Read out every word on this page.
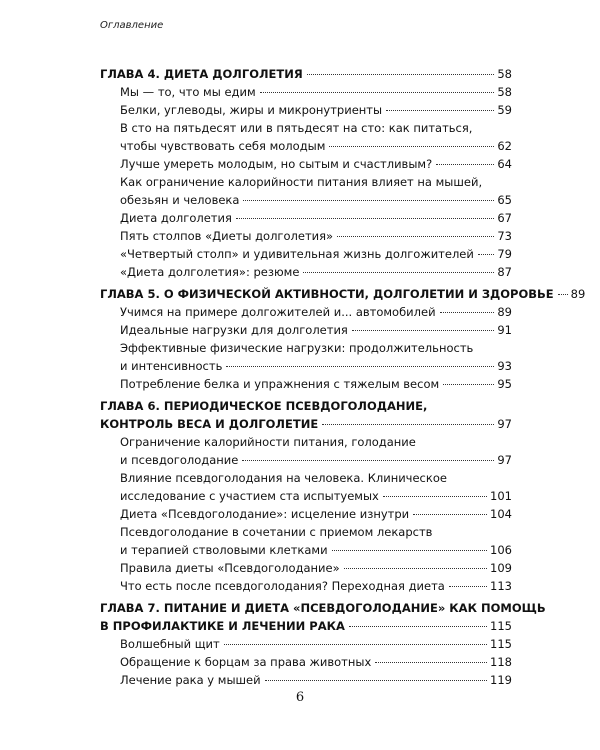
Оглавление
ГЛАВА 4. ДИЕТА ДОЛГОЛЕТИЯ	58
Мы — то, что мы едим	58
Белки, углеводы, жиры и микронутриенты	59
В сто на пятьдесят или в пятьдесят на сто: как питаться,
чтобы чувствовать себя молодым	62
Лучше умереть молодым, но сытым и счастливым?	64
Как ограничение калорийности питания влияет на мышей,
обезьян и человека	65
Диета долголетия	67
Пять столпов «Диеты долголетия»	73
«Четвертый столп» и удивительная жизнь долгожителей 79
«Диета долголетия»: резюме	87
ГЛАВА 5. О ФИЗИЧЕСКОЙ АКТИВНОСТИ, ДОЛГОЛЕТИИ И ЗДОРОВЬЕ 89
Учимся на примере долгожителей и... автомобилей	89
Идеальные нагрузки для долголетия	91
Эффективные физические нагрузки: продолжительность
и интенсивность	93
Потребление белка и упражнения с тяжелым весом	95
ГЛАВА 6. ПЕРИОДИЧЕСКОЕ ПСЕВДОГОЛОДАНИЕ,
КОНТРОЛЬ ВЕСА И ДОЛГОЛЕТИЕ	97
Ограничение калорийности питания, голодание
и псевдоголодание	97
Влияние псевдоголодания на человека. Клиническое
исследование с участием ста испытуемых	101
Диета «Псевдоголодание»: исцеление изнутри	104
Псевдоголодание в сочетании с приемом лекарств
и терапией стволовыми клетками	106
Правила диеты «Псевдоголодание»	109
Что есть после псевдоголодания? Переходная диета	113
ГЛАВА 7. ПИТАНИЕ И ДИЕТА «ПСЕВДОГОЛОДАНИЕ» КАК ПОМОЩЬ
В ПРОФИЛАКТИКЕ И ЛЕЧЕНИИ РАКА	115
Волшебный щит	115
Обращение к борцам за права животных	118
Лечение рака у мышей	119
6
